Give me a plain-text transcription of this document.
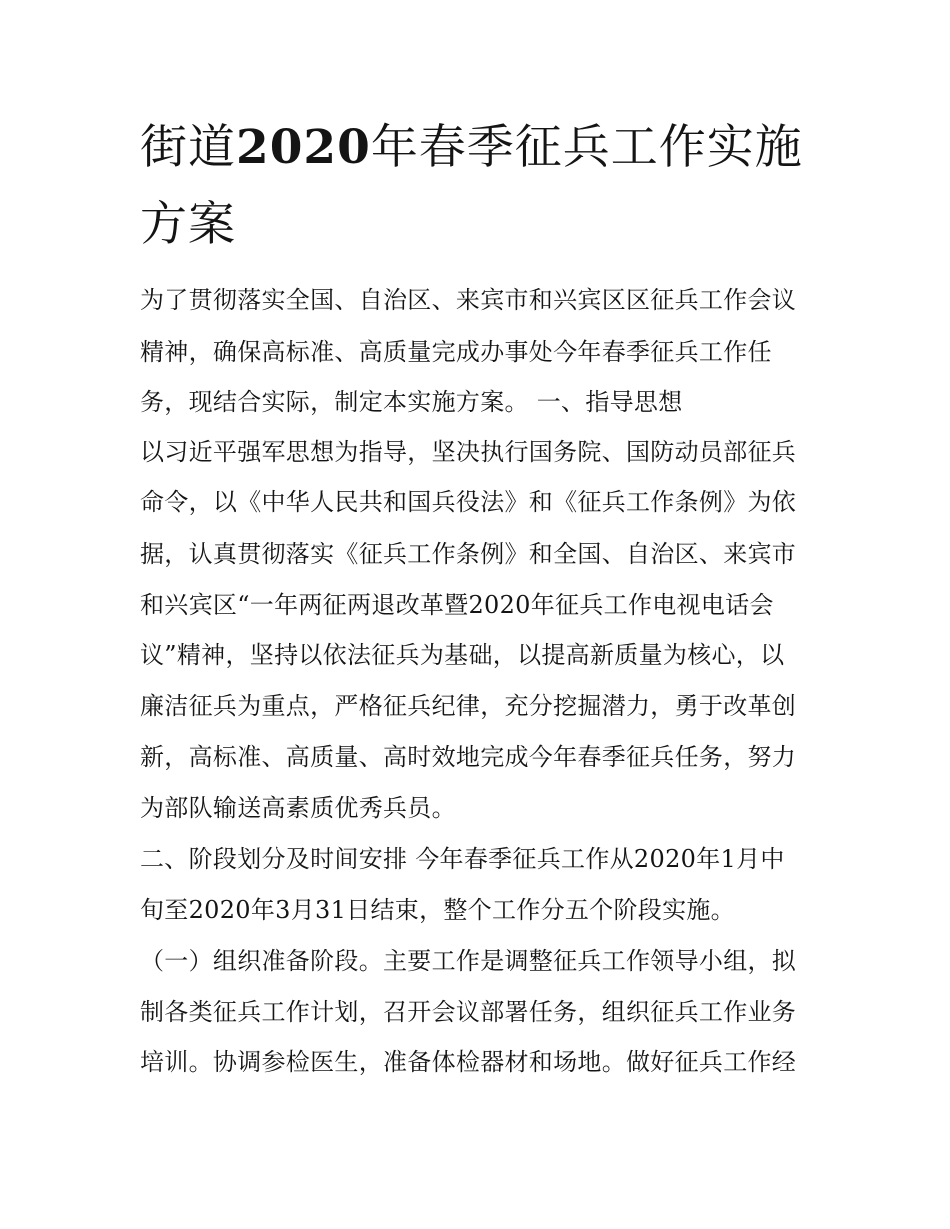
街道2020年春季征兵工作实施
方案

为了贯彻落实全国、自治区、来宾市和兴宾区区征兵工作会议

精神，确保高标准、高质量完成办事处今年春季征兵工作任

务，现结合实际，制定本实施方案。 一、指导思想

以习近平强军思想为指导，坚决执行国务院、国防动员部征兵

命令，以《中华人民共和国兵役法》和《征兵工作条例》为依

据，认真贯彻落实《征兵工作条例》和全国、自治区、来宾市

和兴宾区“一年两征两退改革暨2020年征兵工作电视电话会

议”精神，坚持以依法征兵为基础，以提高新质量为核心，以

廉洁征兵为重点，严格征兵纪律，充分挖掘潜力，勇于改革创

新，高标准、高质量、高时效地完成今年春季征兵任务，努力

为部队输送高素质优秀兵员。

二、阶段划分及时间安排 今年春季征兵工作从2020年1月中

旬至2020年3月31日结束，整个工作分五个阶段实施。

（一）组织准备阶段。主要工作是调整征兵工作领导小组，拟

制各类征兵工作计划，召开会议部署任务，组织征兵工作业务

培训。协调参检医生，准备体检器材和场地。做好征兵工作经
